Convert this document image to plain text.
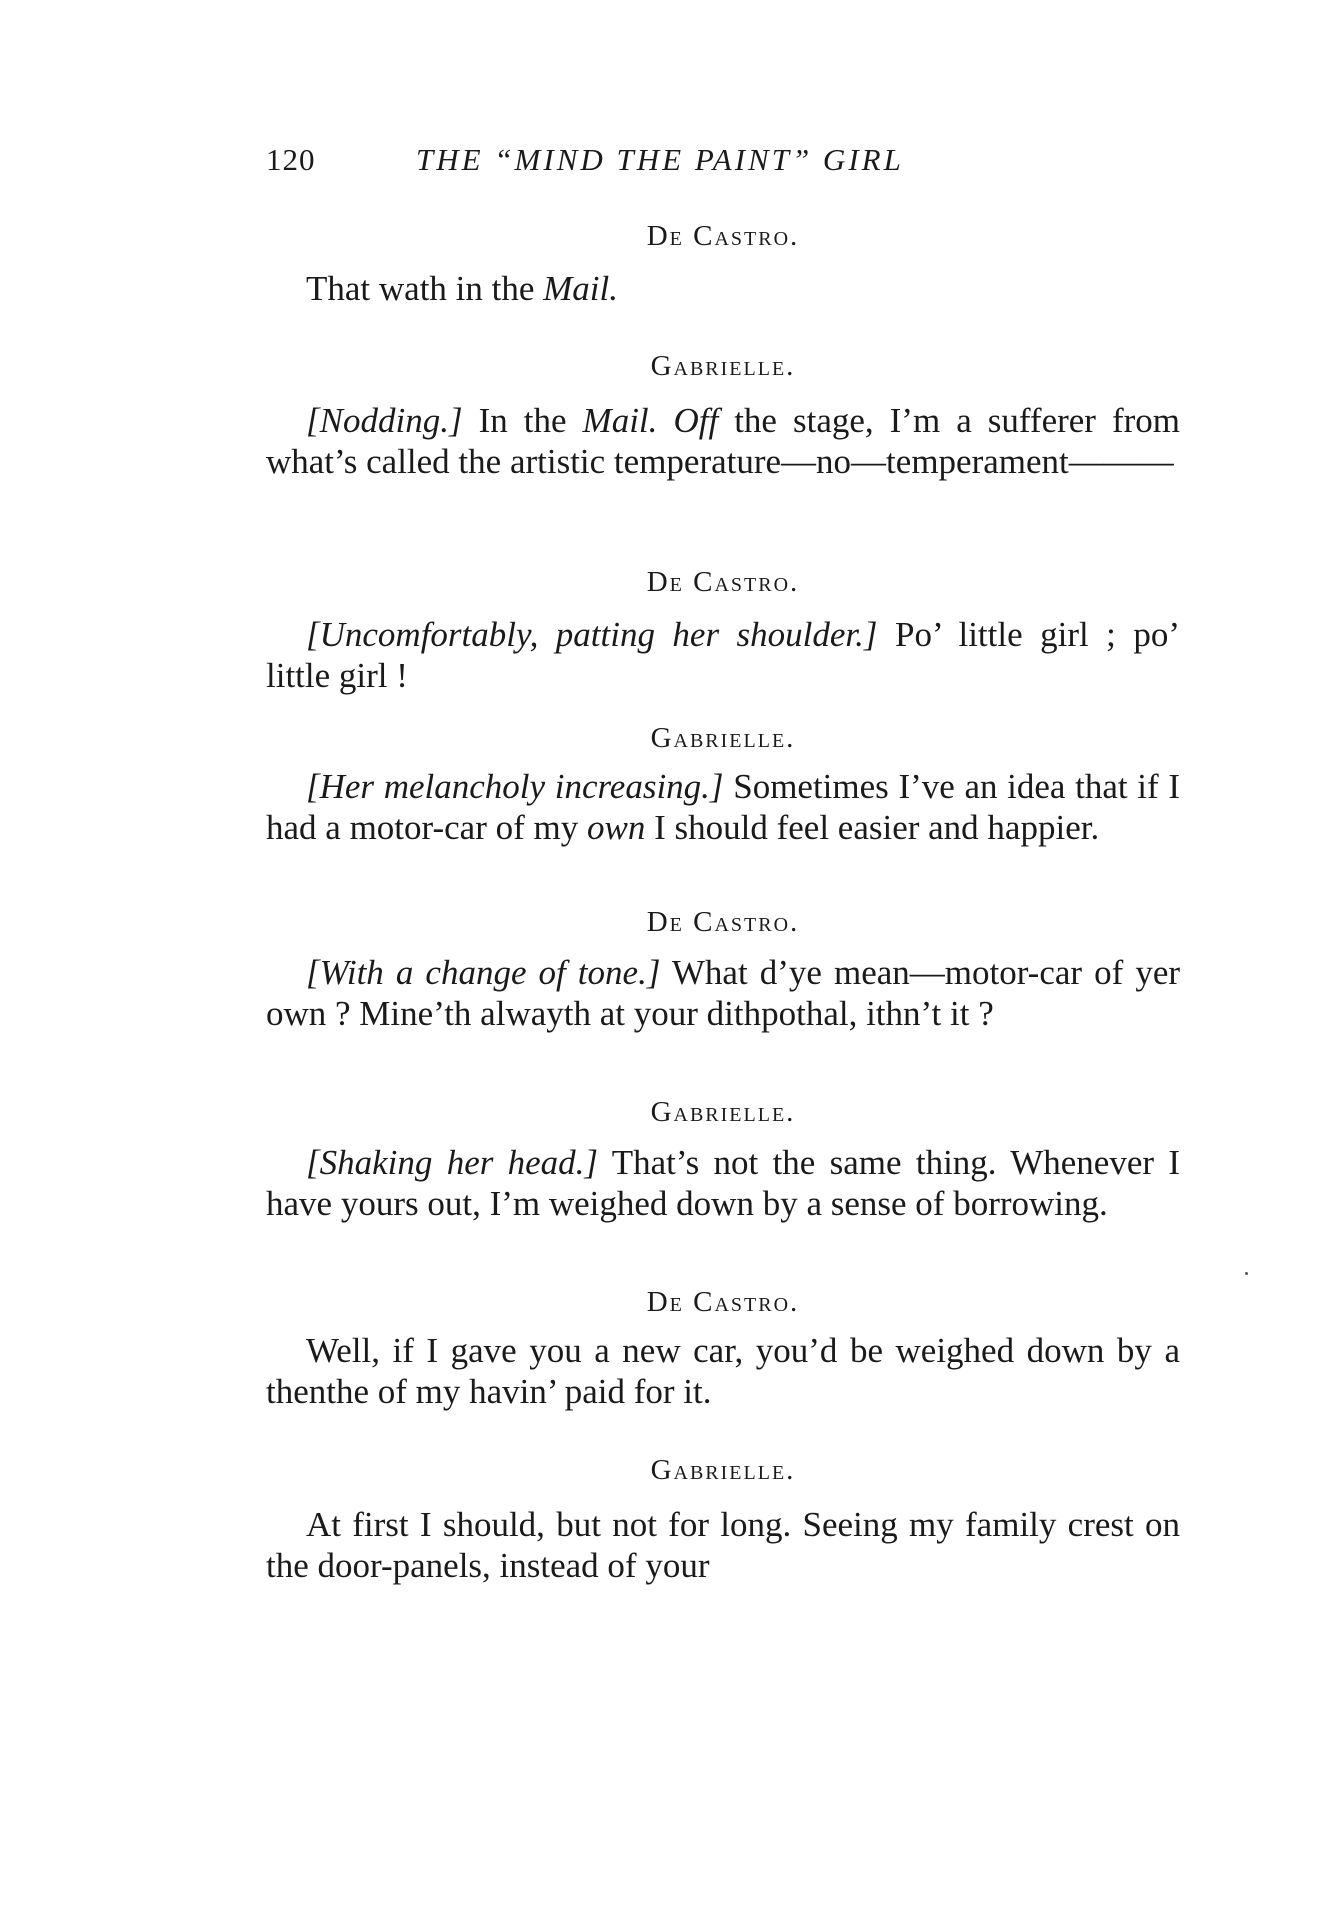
120	THE “MIND THE PAINT” GIRL
De Castro.

That wath in the Mail.

Gabrielle.

[Nodding.] In the Mail. Off the stage, I’m a sufferer from what’s called the artistic temperature—no—temperament———

De Castro.

[Uncomfortably, patting her shoulder.] Po’ little girl ; po’ little girl !

Gabrielle.

[Her melancholy increasing.] Sometimes I’ve an idea that if I had a motor-car of my own I should feel easier and happier.

De Castro.

[With a change of tone.] What d’ye mean—motor-car of yer own ? Mine’th alwayth at your dithpothal, ithn’t it ?

Gabrielle.

[Shaking her head.] That’s not the same thing. Whenever I have yours out, I’m weighed down by a sense of borrowing.

De Castro.

Well, if I gave you a new car, you’d be weighed down by a thenthe of my havin’ paid for it.

Gabrielle.

At first I should, but not for long. Seeing my family crest on the door-panels, instead of your
